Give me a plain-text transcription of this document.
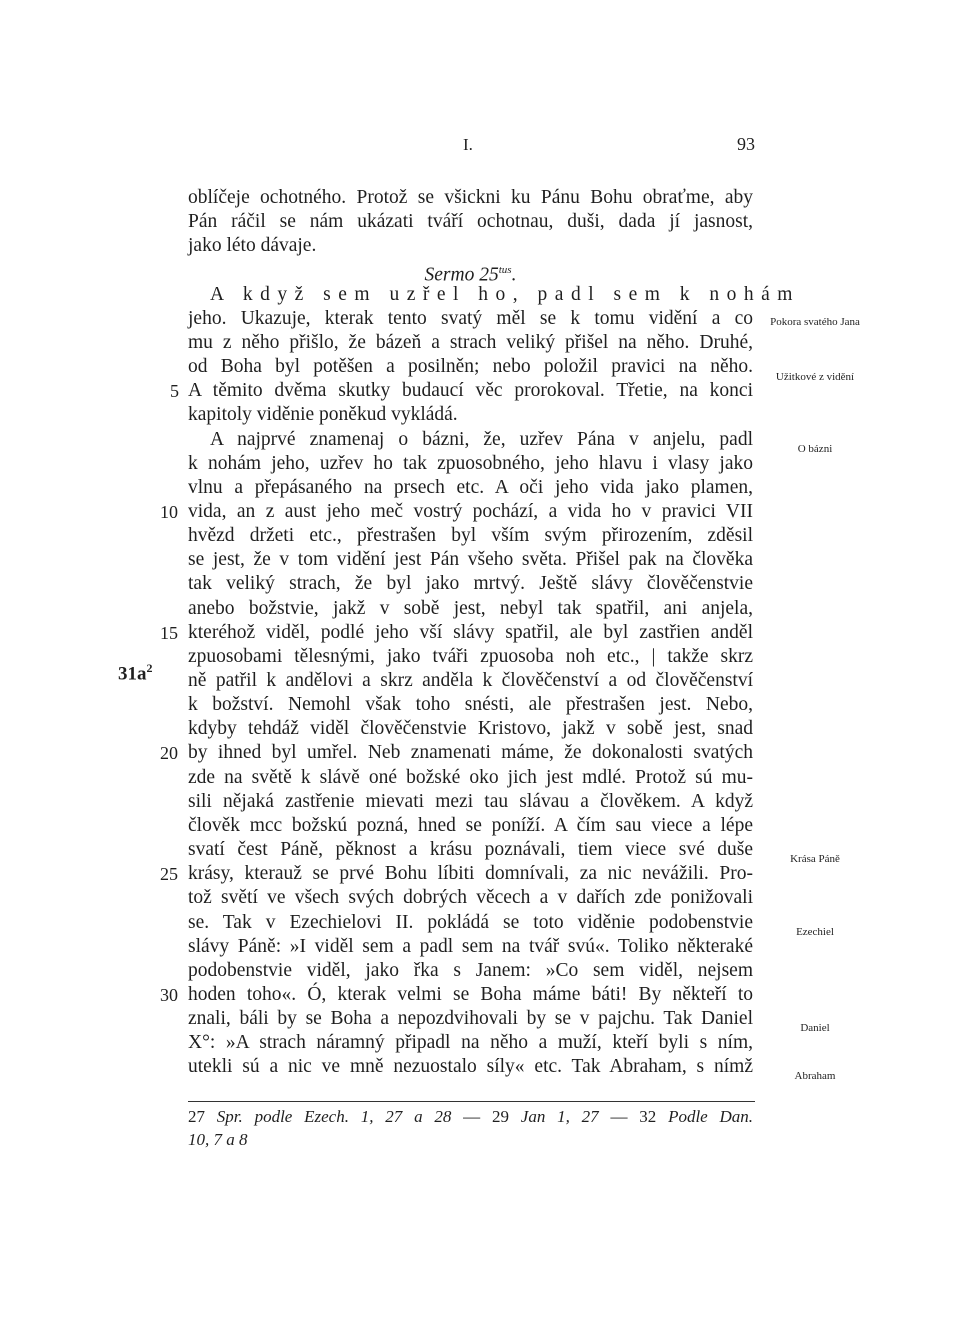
I.	93
oblíčeje ochotného. Protož se všickni ku Pánu Bohu obraťme, aby
Pán ráčil se nám ukázati tváří ochotnau, duši, dada jí jasnost,
jako léto dávaje.
Sermo $25^{tus}$.
A když sem uzřel ho, padl sem k nohám
jeho. Ukazuje, kterak tento svatý měl se k tomu vidění a co
mu z něho přišlo, že bázeň a strach veliký přišel na něho. Druhé,
od Boha byl potěšen a posilněn; nebo položil pravici na něho.
A těmito dvěma skutky budaucí věc prorokoval. Třetie, na konci
kapitoly viděnie poněkud vykládá.
A najprvé znamenaj o bázni, že, uzřev Pána v anjelu, padl
k nohám jeho, uzřev ho tak zpuosobného, jeho hlavu i vlasy jako
vlnu a přepásaného na prsech etc. A oči jeho vida jako plamen,
vida, an z aust jeho meč vostrý pochází, a vida ho v pravici VII
hvězd držeti etc., přestrašen byl vším svým přirozením, zděsil
se jest, že v tom vidění jest Pán všeho světa. Přišel pak na člověka
tak veliký strach, že byl jako mrtvý. Ještě slávy člověčenstvie
anebo božstvie, jakž v sobě jest, nebyl tak spatřil, ani anjela,
kteréhož viděl, podlé jeho vší slávy spatřil, ale byl zastřien anděl
zpuosobami tělesnými, jako tváři zpuosoba noh etc., | takže skrz
ně patřil k andělovi a skrz anděla k člověčenství a od člověčenství
k božství. Nemohl však toho snésti, ale přestrašen jest. Nebo,
kdyby tehdáž viděl člověčenstvie Kristovo, jakž v sobě jest, snad
by ihned byl umřel. Neb znamenati máme, že dokonalosti svatých
zde na světě k slávě oné božské oko jich jest mdlé. Protož sú mu-
sili nějaká zastřenie mievati mezi tau slávau a člověkem. A když
člověk mcc božskú pozná, hned se poníží. A čím sau viece a lépe
svatí čest Páně, pěknost a krásu poznávali, tiem viece své duše
krásy, kterauž se prvé Bohu líbiti domnívali, za nic nevážili. Pro-
tož světí ve všech svých dobrých věcech a v dařích zde ponižovali
se. Tak v Ezechielovi II. pokládá se toto viděnie podobenstvie
slávy Páně: »I viděl sem a padl sem na tvář svú«. Toliko některaké
podobenstvie viděl, jako řka s Janem: »Co sem viděl, nejsem
hoden toho«. Ó, kterak velmi se Boha máme báti! By někteří to
znali, báli by se Boha a nepozdvihovali by se v pajchu. Tak Daniel
X°: »A strach náramný připadl na něho a muží, kteří byli s ním,
utekli sú a nic ve mně nezuostalo síly« etc. Tak Abraham, s nímž
5
10
15
20
25
30
$31a^2$
Pokora svatého Jana
Užitkové z vidění
O bázni
Krása Páně
Ezechiel
Daniel
Abraham
27 Spr. podle Ezech. 1, 27 a 28 — 29 Jan 1, 27 — 32 Podle Dan.
10, 7 a 8
